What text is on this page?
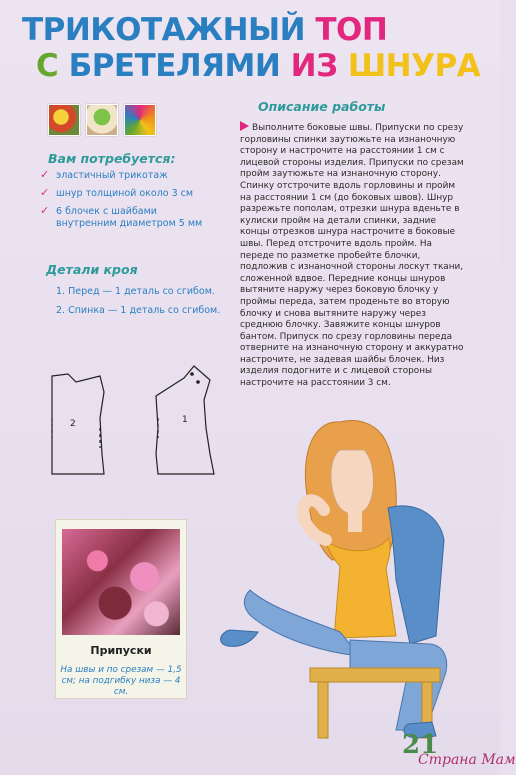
ТРИКОТАЖНЫЙ ТОП
С БРЕТЕЛЯМИ ИЗ ШНУРА
Вам потребуется:
✓ эластичный трикотаж
✓ шнур толщиной около 3 см
✓ 6 блочек с шайбами внутренним диаметром 5 мм
Детали кроя
1. Перед — 1 деталь со сгибом.
2. Спинка — 1 деталь со сгибом.
2	1
Описание работы
Выполните боковые швы. Припуски по срезу горловины спинки заутюжьте на изнаночную сторону и настрочите на расстоянии 1 см с лицевой стороны изделия. Припуски по срезам пройм заутюжьте на изнаночную сторону. Спинку отстрочите вдоль горловины и пройм на расстоянии 1 см (до боковых швов). Шнур разрежьте пополам, отрезки шнура вденьте в кулиски пройм на детали спинки, задние концы отрезков шнура настрочите в боковые швы. Перед отстрочите вдоль пройм. На переде по разметке пробейте блочки, подложив с изнаночной стороны лоскут ткани, сложенной вдвое. Передние концы шнуров вытяните наружу через боковую блочку у проймы переда, затем проденьте во вторую блочку и снова вытяните наружу через среднюю блочку. Завяжите концы шнуров бантом. Припуск по срезу горловины переда отверните на изнаночную сторону и аккуратно настрочите, не задевая шайбы блочек. Низ изделия подогните и с лицевой стороны настрочите на расстоянии 3 см.
Припуски
На швы и по срезам — 1,5 см; на подгибку низа — 4 см.
21
Страна Мам
